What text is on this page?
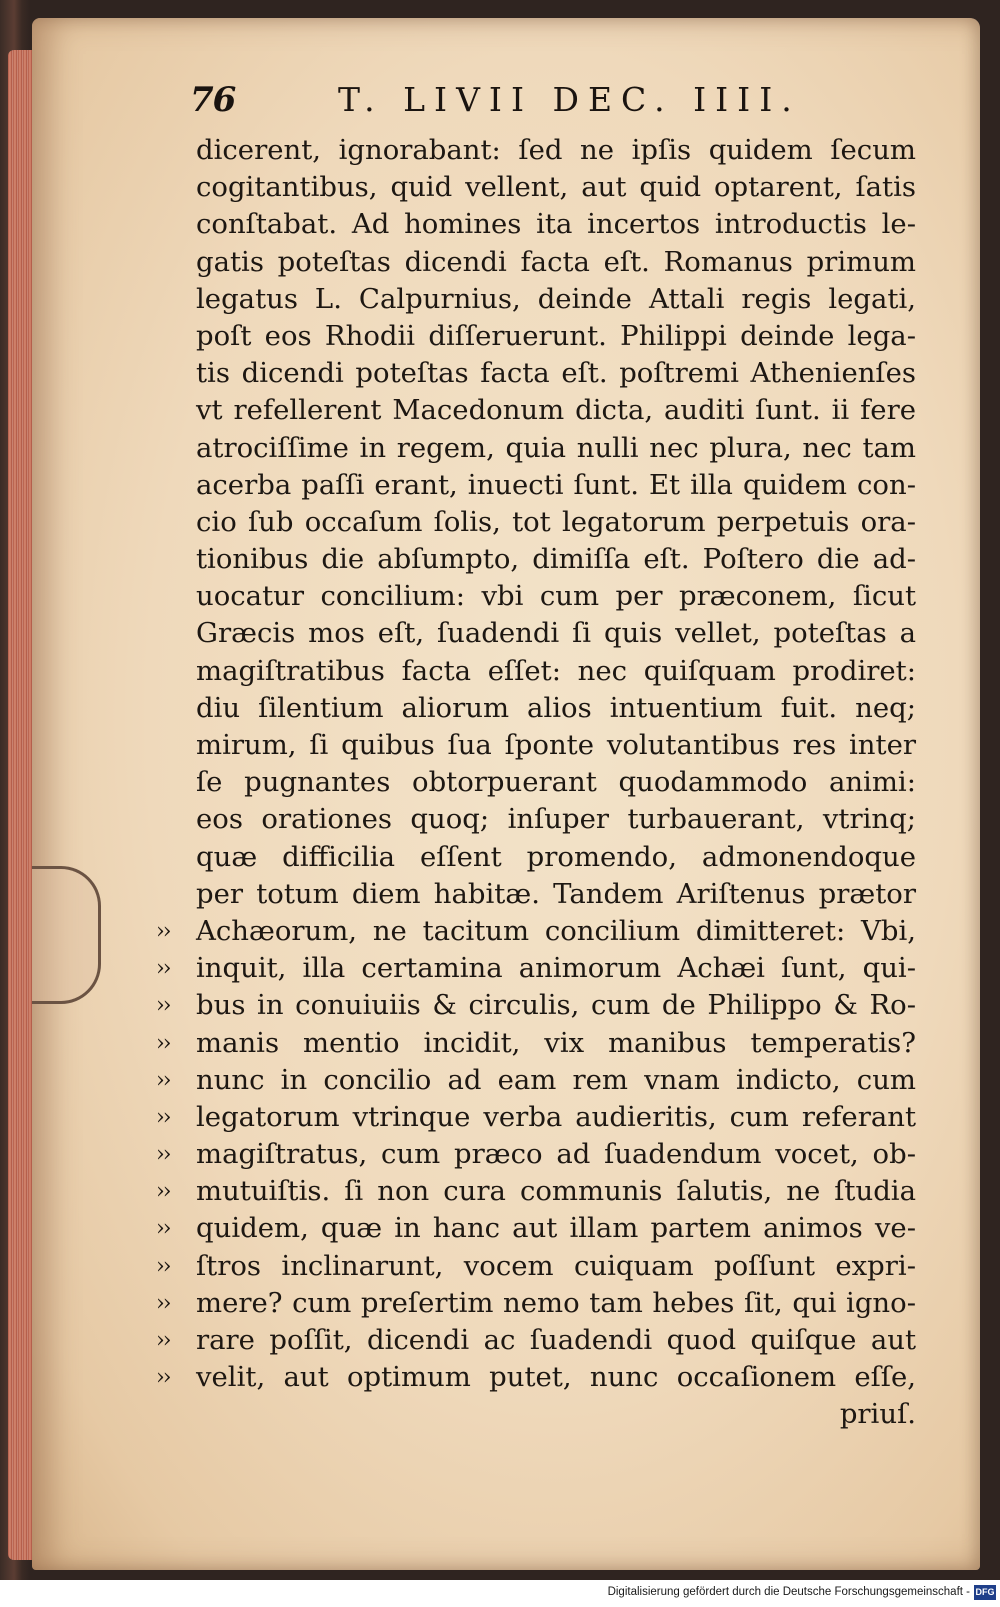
76	T. LIVII DEC. IIII.
dicerent, ignorabant: ſed ne ipſis quidem ſecum
cogitantibus, quid vellent, aut quid optarent, ſatis
conſtabat. Ad homines ita incertos introductis le-
gatis poteſtas dicendi facta eſt. Romanus primum
legatus L. Calpurnius, deinde Attali regis legati,
poſt eos Rhodii diſſeruerunt. Philippi deinde lega-
tis dicendi poteſtas facta eſt. poſtremi Athenienſes
vt refellerent Macedonum dicta, auditi ſunt. ii fere
atrociſſime in regem, quia nulli nec plura, nec tam
acerba paſſi erant, inuecti ſunt. Et illa quidem con-
cio ſub occaſum ſolis, tot legatorum perpetuis ora-
tionibus die abſumpto, dimiſſa eſt. Poſtero die ad-
uocatur concilium: vbi cum per præconem, ſicut
Græcis mos eſt, ſuadendi ſi quis vellet, poteſtas a
magiſtratibus facta eſſet: nec quiſquam prodiret:
diu ſilentium aliorum alios intuentium fuit. neq;
mirum, ſi quibus ſua ſponte volutantibus res inter
ſe pugnantes obtorpuerant quodammodo animi:
eos orationes quoq; inſuper turbauerant, vtrinq;
quæ difficilia eſſent promendo, admonendoque
per totum diem habitæ. Tandem Ariſtenus prætor
›› Achæorum, ne tacitum concilium dimitteret: Vbi,
›› inquit, illa certamina animorum Achæi ſunt, qui-
›› bus in conuiuiis & circulis, cum de Philippo & Ro-
›› manis mentio incidit, vix manibus temperatis?
›› nunc in concilio ad eam rem vnam indicto, cum
›› legatorum vtrinque verba audieritis, cum referant
›› magiſtratus, cum præco ad ſuadendum vocet, ob-
›› mutuiſtis. ſi non cura communis ſalutis, ne ſtudia
›› quidem, quæ in hanc aut illam partem animos ve-
›› ſtros inclinarunt, vocem cuiquam poſſunt expri-
›› mere? cum preſertim nemo tam hebes ſit, qui igno-
›› rare poſſit, dicendi ac ſuadendi quod quiſque aut
›› velit, aut optimum putet, nunc occaſionem eſſe,
priuſ.
Digitalisierung gefördert durch die Deutsche Forschungsgemeinschaft - DFG
